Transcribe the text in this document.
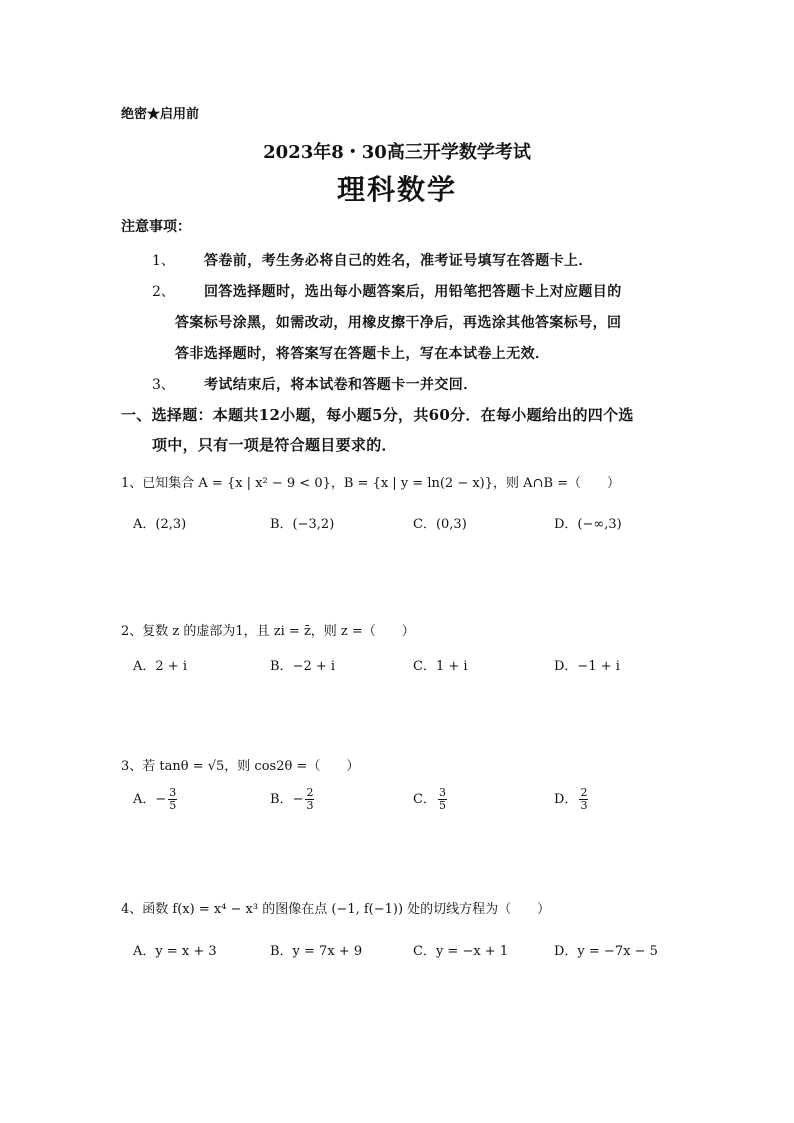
绝密★启用前
2023年8・30高三开学数学考试
理科数学
注意事项：
1、 答卷前，考生务必将自己的姓名，准考证号填写在答题卡上．
2、 回答选择题时，选出每小题答案后，用铅笔把答题卡上对应题目的
答案标号涂黑，如需改动，用橡皮擦干净后，再选涂其他答案标号，回
答非选择题时，将答案写在答题卡上，写在本试卷上无效．
3、 考试结束后，将本试卷和答题卡一并交回．
一、选择题：本题共12小题，每小题5分，共60分．在每小题给出的四个选
项中，只有一项是符合题目要求的．
1、已知集合 A = {x | x² − 9 < 0}，B = {x | y = ln(2 − x)}，则 A∩B =（　　）
A．(2,3)	B．(−3,2)	C．(0,3)	D．(−∞,3)
2、复数 z 的虚部为1，且 zi = z̄，则 z =（　　）
A．2 + i	B．−2 + i	C．1 + i	D．−1 + i
3、若 tanθ = √5，则 cos2θ =（　　）
A．− $\frac{3}{5}$	B．− $\frac{2}{3}$	C． $\frac{3}{5}$	D． $\frac{2}{3}$
4、函数 f(x) = x⁴ − x³ 的图像在点 (−1, f(−1)) 处的切线方程为（　　）
A．y = x + 3	B．y = 7x + 9	C．y = −x + 1	D．y = −7x − 5
